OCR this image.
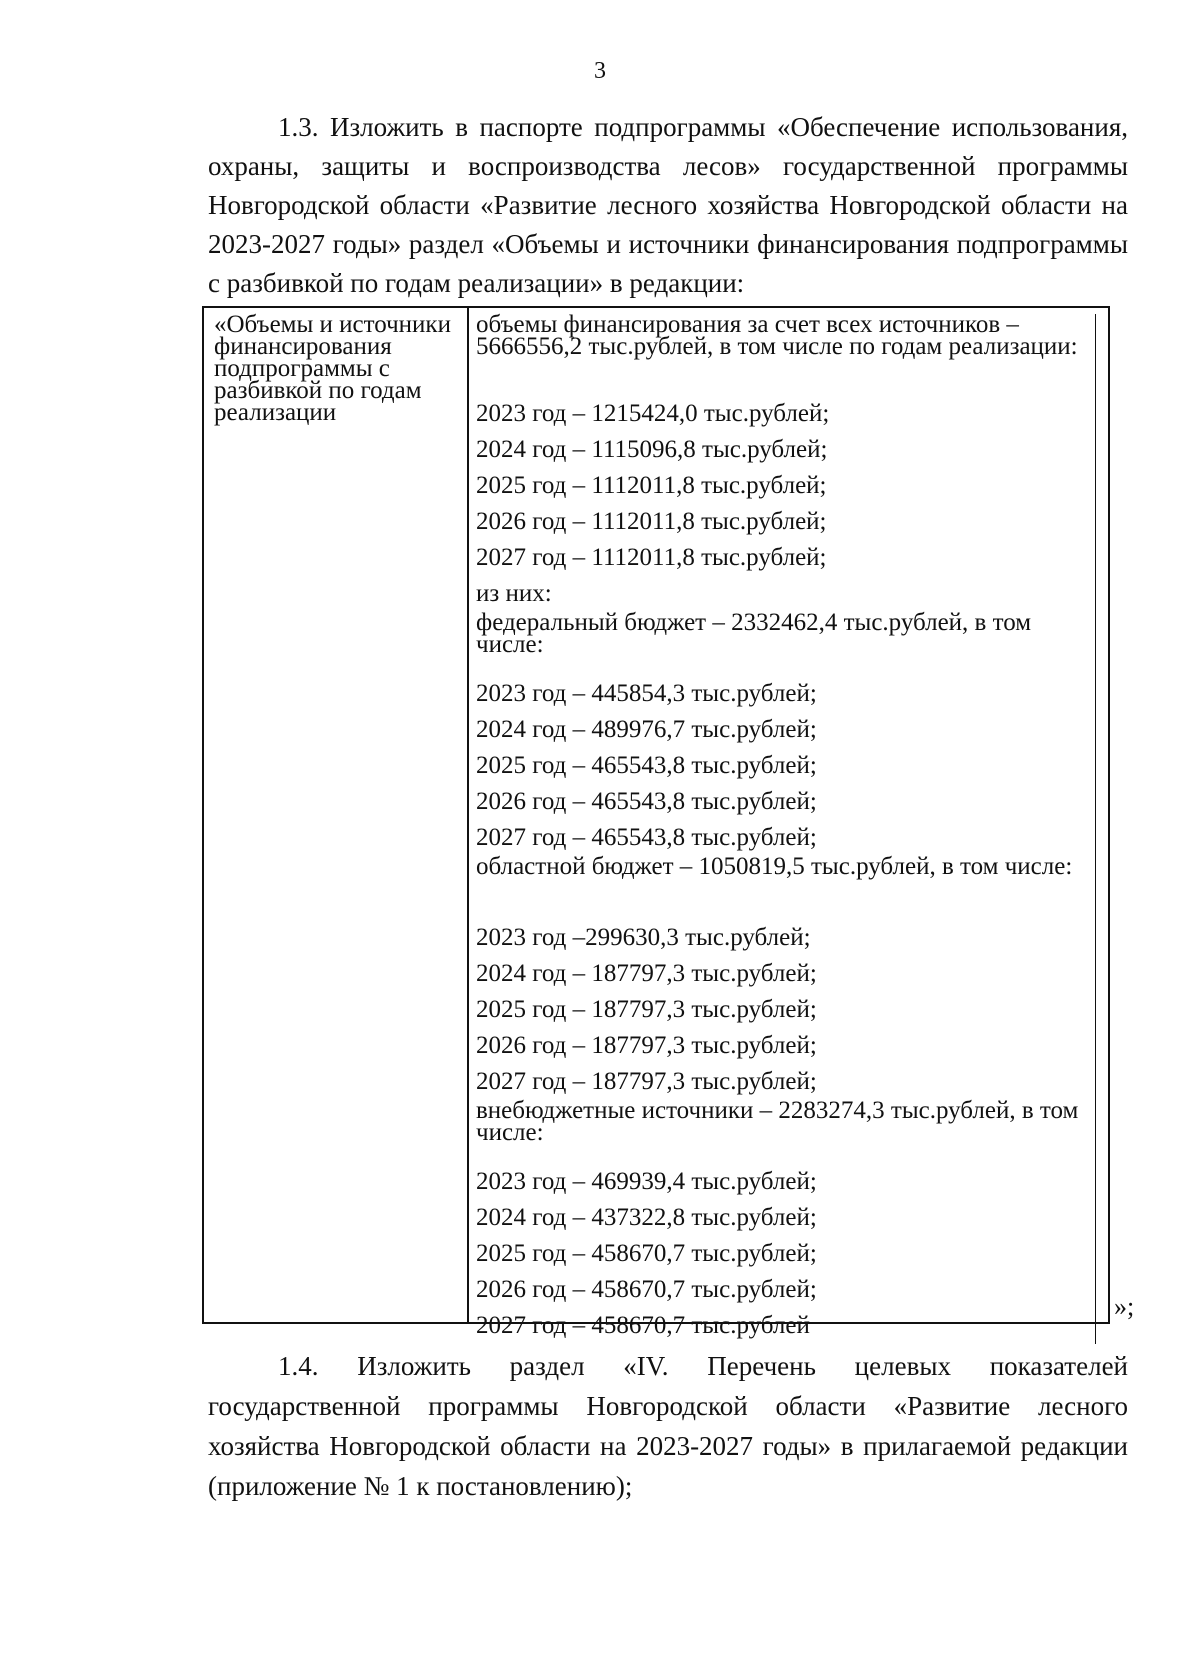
3

1.3. Изложить в паспорте подпрограммы «Обеспечение использования, охраны, защиты и воспроизводства лесов» государственной программы Новгородской области «Развитие лесного хозяйства Новгородской области на 2023-2027 годы» раздел «Объемы и источники финансирования подпрограммы с разбивкой по годам реализации» в редакции:

«Объемы и источники финансирования подпрограммы с разбивкой по годам реализации
объемы финансирования за счет всех источников – 5666556,2 тыс.рублей, в том числе по годам реализации:
2023 год – 1215424,0 тыс.рублей;
2024 год – 1115096,8 тыс.рублей;
2025 год – 1112011,8 тыс.рублей;
2026 год – 1112011,8 тыс.рублей;
2027 год – 1112011,8 тыс.рублей;
из них:
федеральный бюджет – 2332462,4 тыс.рублей, в том числе:
2023 год – 445854,3 тыс.рублей;
2024 год – 489976,7 тыс.рублей;
2025 год – 465543,8 тыс.рублей;
2026 год – 465543,8 тыс.рублей;
2027 год – 465543,8 тыс.рублей;
областной бюджет – 1050819,5 тыс.рублей, в том числе:
2023 год –299630,3 тыс.рублей;
2024 год – 187797,3 тыс.рублей;
2025 год – 187797,3 тыс.рублей;
2026 год – 187797,3 тыс.рублей;
2027 год – 187797,3 тыс.рублей;
внебюджетные источники – 2283274,3 тыс.рублей, в том числе:
2023 год – 469939,4 тыс.рублей;
2024 год – 437322,8 тыс.рублей;
2025 год – 458670,7 тыс.рублей;
2026 год – 458670,7 тыс.рублей;
2027 год – 458670,7 тыс.рублей
»;

1.4. Изложить раздел «IV. Перечень целевых показателей государственной программы Новгородской области «Развитие лесного хозяйства Новгородской области на 2023-2027 годы» в прилагаемой редакции (приложение № 1 к постановлению);
